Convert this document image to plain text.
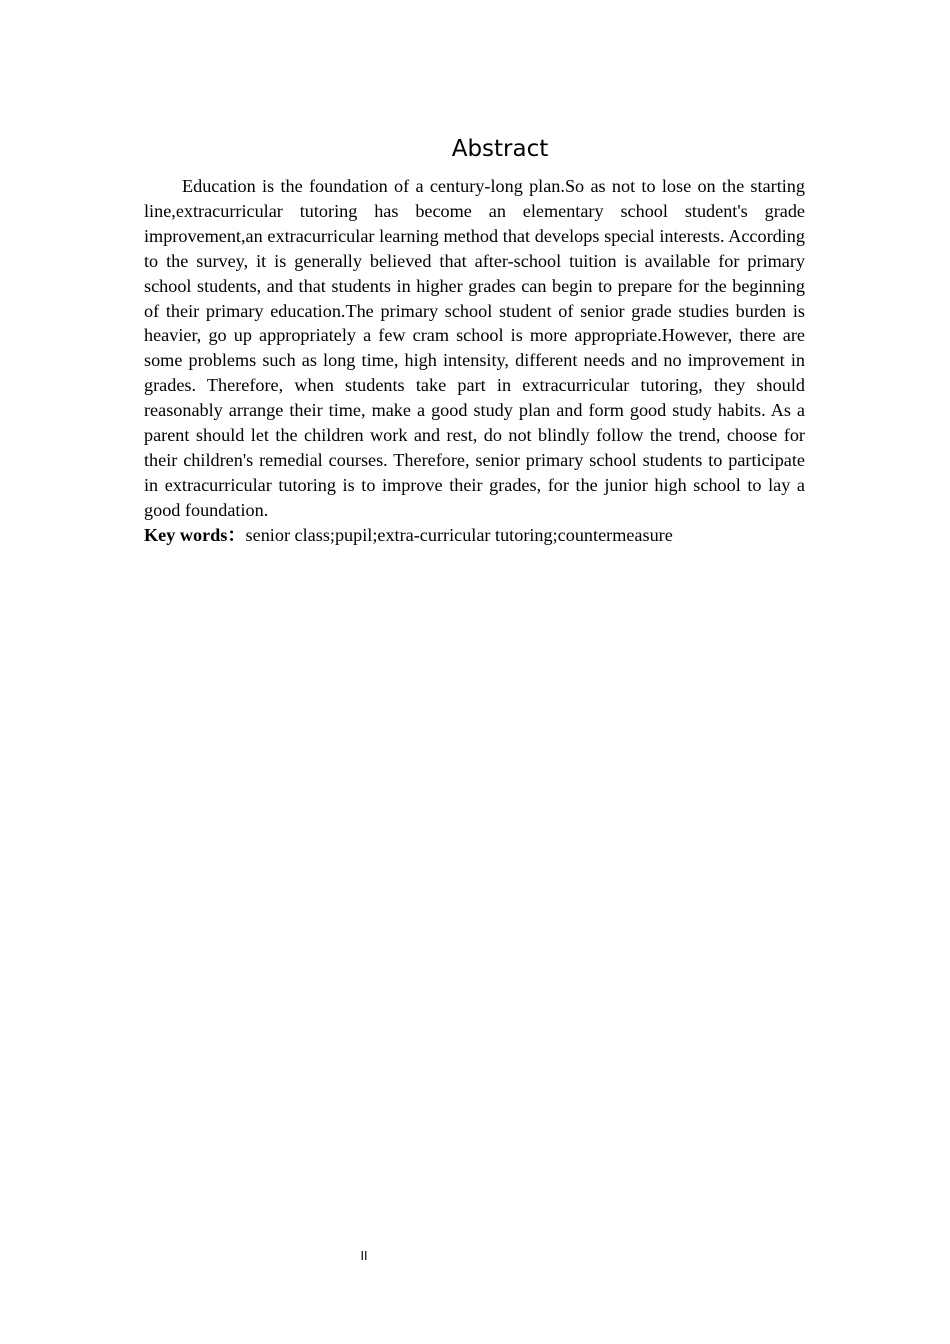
Abstract

Education is the foundation of a century-long plan.So as not to lose on the starting line,extracurricular tutoring has become an elementary school student's grade improvement,an extracurricular learning method that develops special interests. According to the survey, it is generally believed that after-school tuition is available for primary school students, and that students in higher grades can begin to prepare for the beginning of their primary education.The primary school student of senior grade studies burden is heavier, go up appropriately a few cram school is more appropriate.However, there are some problems such as long time, high intensity, different needs and no improvement in grades. Therefore, when students take part in extracurricular tutoring, they should reasonably arrange their time, make a good study plan and form good study habits. As a parent should let the children work and rest, do not blindly follow the trend, choose for their children's remedial courses. Therefore, senior primary school students to participate in extracurricular tutoring is to improve their grades, for the junior high school to lay a good foundation.

Key words：senior class;pupil;extra-curricular tutoring;countermeasure

II
